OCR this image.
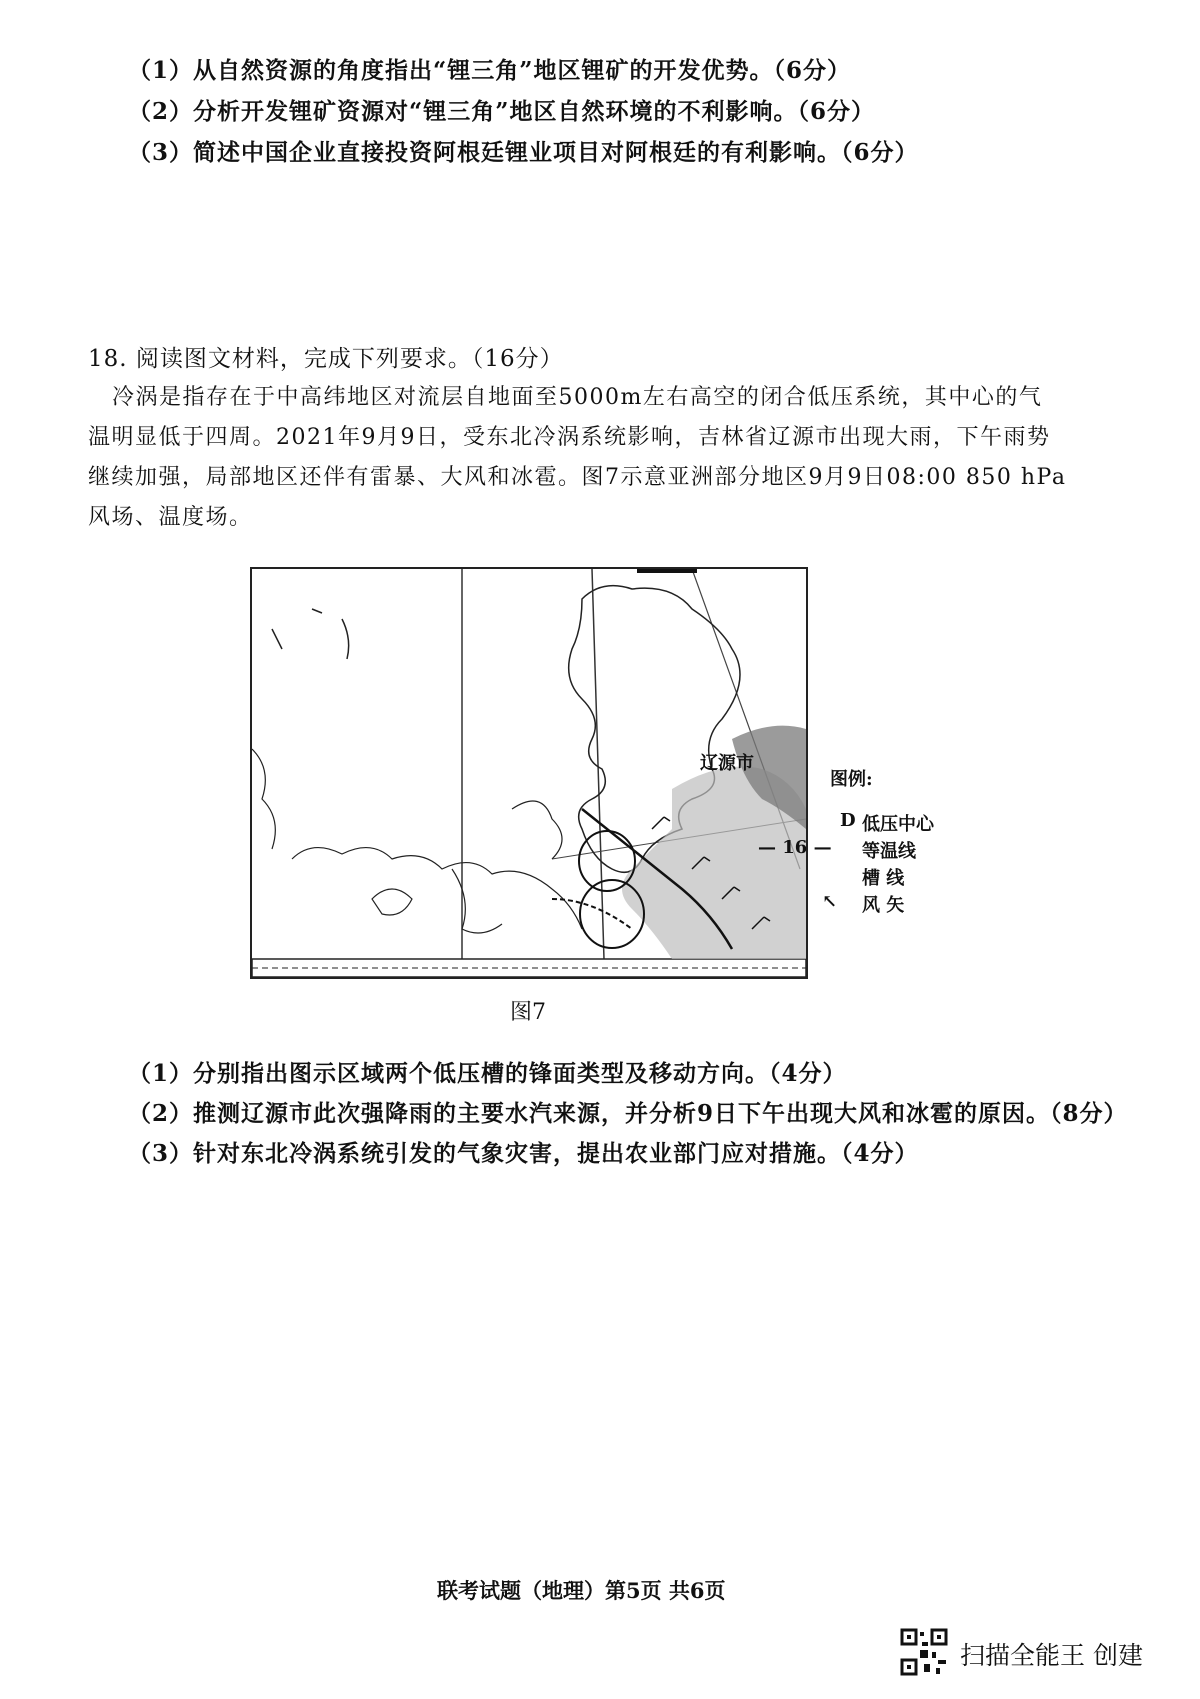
（1）从自然资源的角度指出“锂三角”地区锂矿的开发优势。（6分）
（2）分析开发锂矿资源对“锂三角”地区自然环境的不利影响。（6分）
（3）简述中国企业直接投资阿根廷锂业项目对阿根廷的有利影响。（6分）
18. 阅读图文材料，完成下列要求。（16分）
冷涡是指存在于中高纬地区对流层自地面至5000m左右高空的闭合低压系统，其中心的气
温明显低于四周。2021年9月9日，受东北冷涡系统影响，吉林省辽源市出现大雨，下午雨势
继续加强，局部地区还伴有雷暴、大风和冰雹。图7示意亚洲部分地区9月9日08:00 850 hPa
风场、温度场。
辽源市
图例:
D 低压中心
— 16 — 等温线
槽 线
↖ 风 矢
图7
（1）分别指出图示区域两个低压槽的锋面类型及移动方向。（4分）
（2）推测辽源市此次强降雨的主要水汽来源，并分析9日下午出现大风和冰雹的原因。（8分）
（3）针对东北冷涡系统引发的气象灾害，提出农业部门应对措施。（4分）
联考试题（地理）第5页 共6页
扫描全能王 创建
